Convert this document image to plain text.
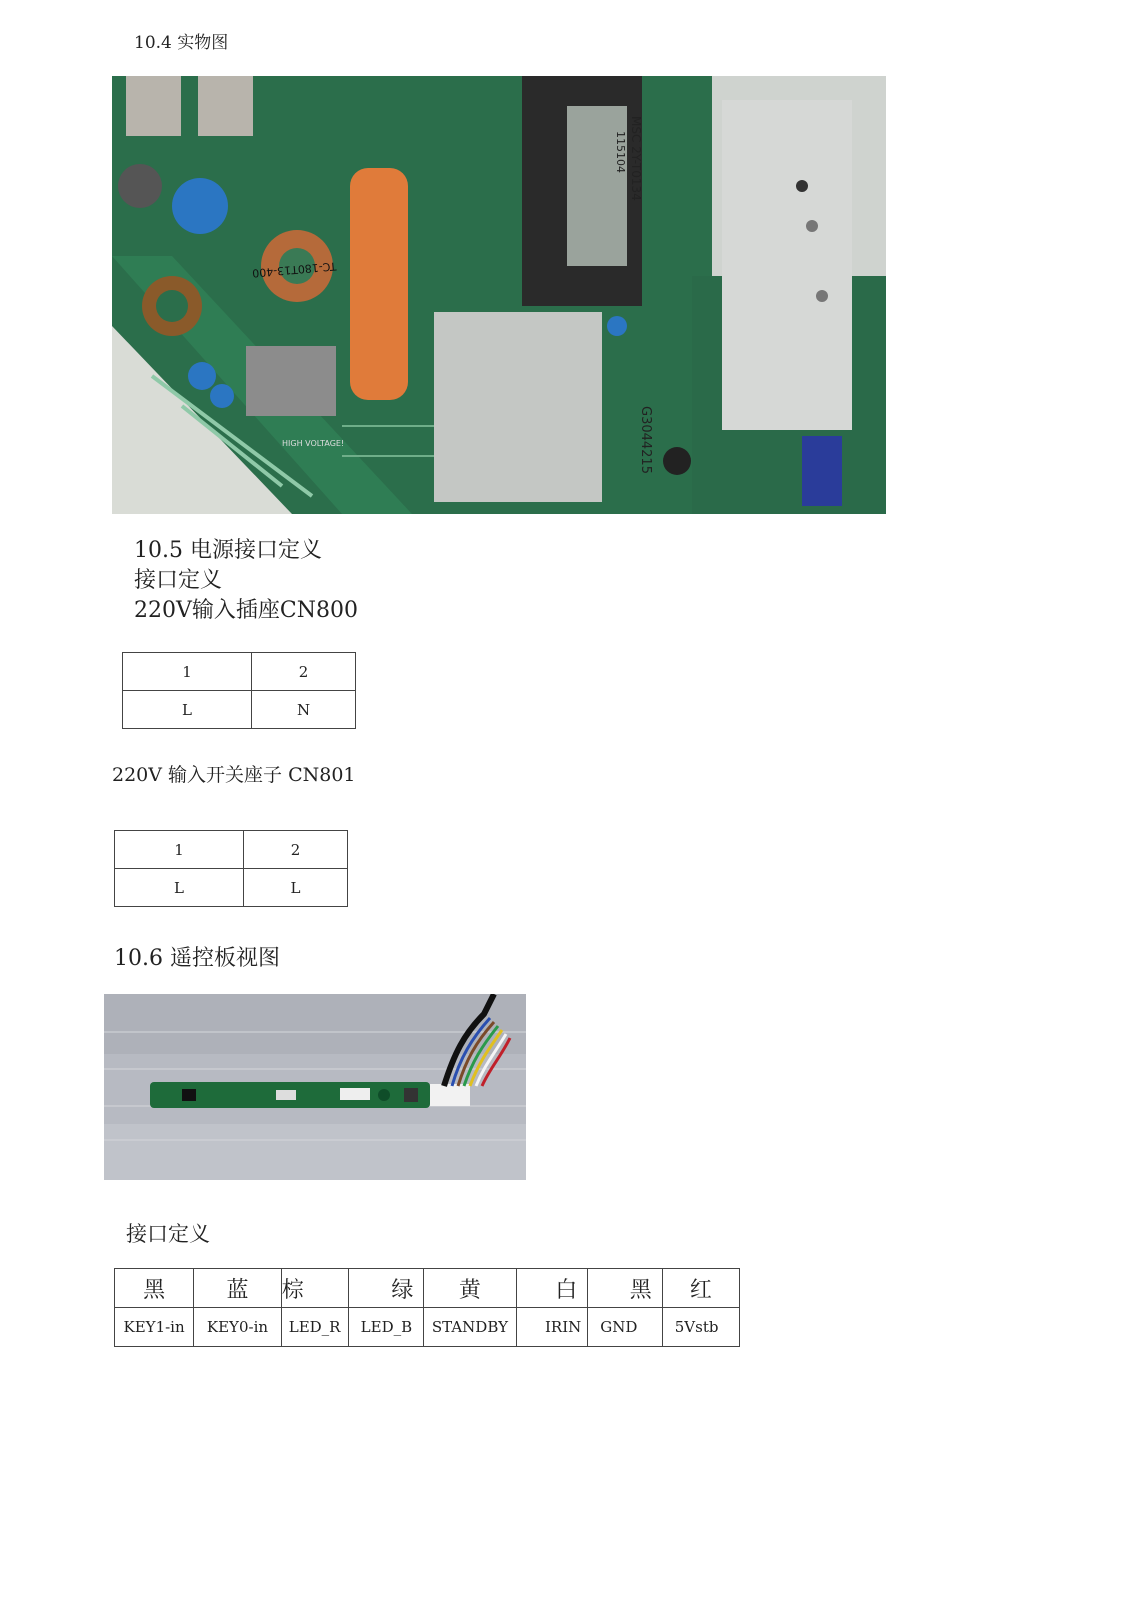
10.4 实物图
MSC 2Y-T0134
115104
TC-180T13-400
G3044215
HIGH VOLTAGE!
10.5 电源接口定义
接口定义
220V输入插座CN800
1	2
L	N
220V 输入开关座子 CN801
1	2
L	L
10.6 遥控板视图
接口定义
黑	蓝	棕	绿	黄	白	黑	红
KEY1-in	KEY0-in	LED_R	LED_B	STANDBY	IRIN	GND	5Vstb
